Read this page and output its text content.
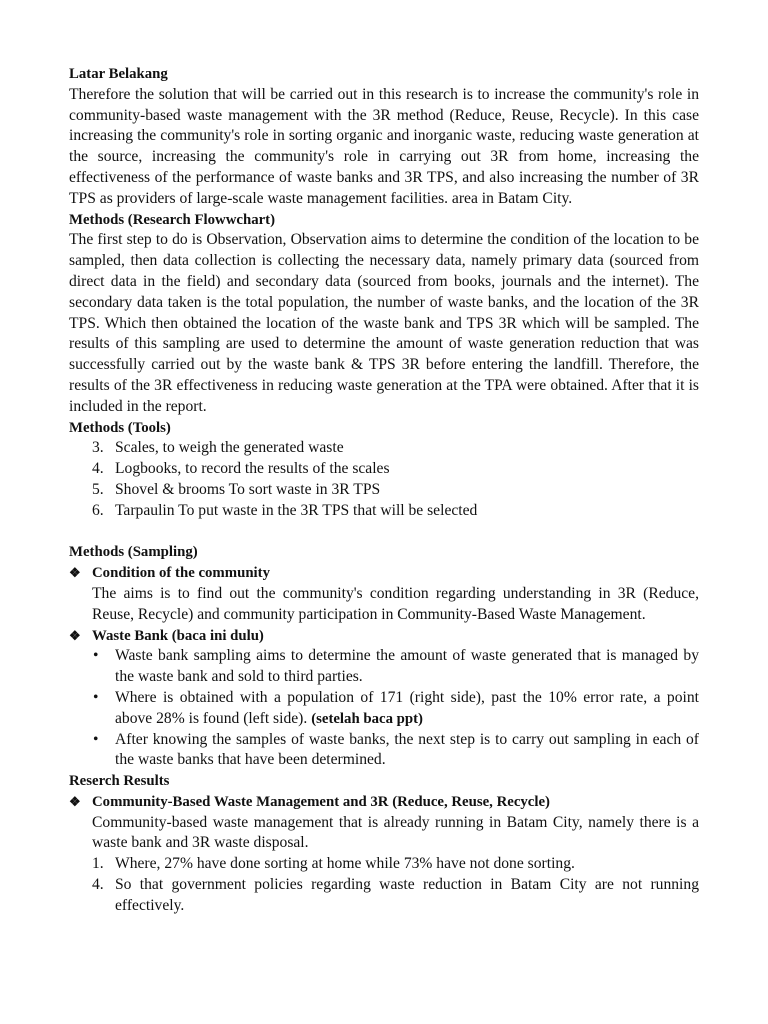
Latar Belakang
Therefore the solution that will be carried out in this research is to increase the community's role in community-based waste management with the 3R method (Reduce, Reuse, Recycle). In this case increasing the community's role in sorting organic and inorganic waste, reducing waste generation at the source, increasing the community's role in carrying out 3R from home, increasing the effectiveness of the performance of waste banks and 3R TPS, and also increasing the number of 3R TPS as providers of large-scale waste management facilities. area in Batam City.
Methods (Research Flowwchart)
The first step to do is Observation, Observation aims to determine the condition of the location to be sampled, then data collection is collecting the necessary data, namely primary data (sourced from direct data in the field) and secondary data (sourced from books, journals and the internet). The secondary data taken is the total population, the number of waste banks, and the location of the 3R TPS. Which then obtained the location of the waste bank and TPS 3R which will be sampled. The results of this sampling are used to determine the amount of waste generation reduction that was successfully carried out by the waste bank & TPS 3R before entering the landfill. Therefore, the results of the 3R effectiveness in reducing waste generation at the TPA were obtained. After that it is included in the report.
Methods (Tools)
3. Scales, to weigh the generated waste
4. Logbooks, to record the results of the scales
5. Shovel & brooms To sort waste in 3R TPS
6. Tarpaulin To put waste in the 3R TPS that will be selected
Methods (Sampling)
❖ Condition of the community
The aims is to find out the community's condition regarding understanding in 3R (Reduce, Reuse, Recycle) and community participation in Community-Based Waste Management.
❖ Waste Bank (baca ini dulu)
• Waste bank sampling aims to determine the amount of waste generated that is managed by the waste bank and sold to third parties.
• Where is obtained with a population of 171 (right side), past the 10% error rate, a point above 28% is found (left side). (setelah baca ppt)
• After knowing the samples of waste banks, the next step is to carry out sampling in each of the waste banks that have been determined.
Reserch Results
❖ Community-Based Waste Management and 3R (Reduce, Reuse, Recycle)
Community-based waste management that is already running in Batam City, namely there is a waste bank and 3R waste disposal.
1. Where, 27% have done sorting at home while 73% have not done sorting.
4. So that government policies regarding waste reduction in Batam City are not running effectively.
